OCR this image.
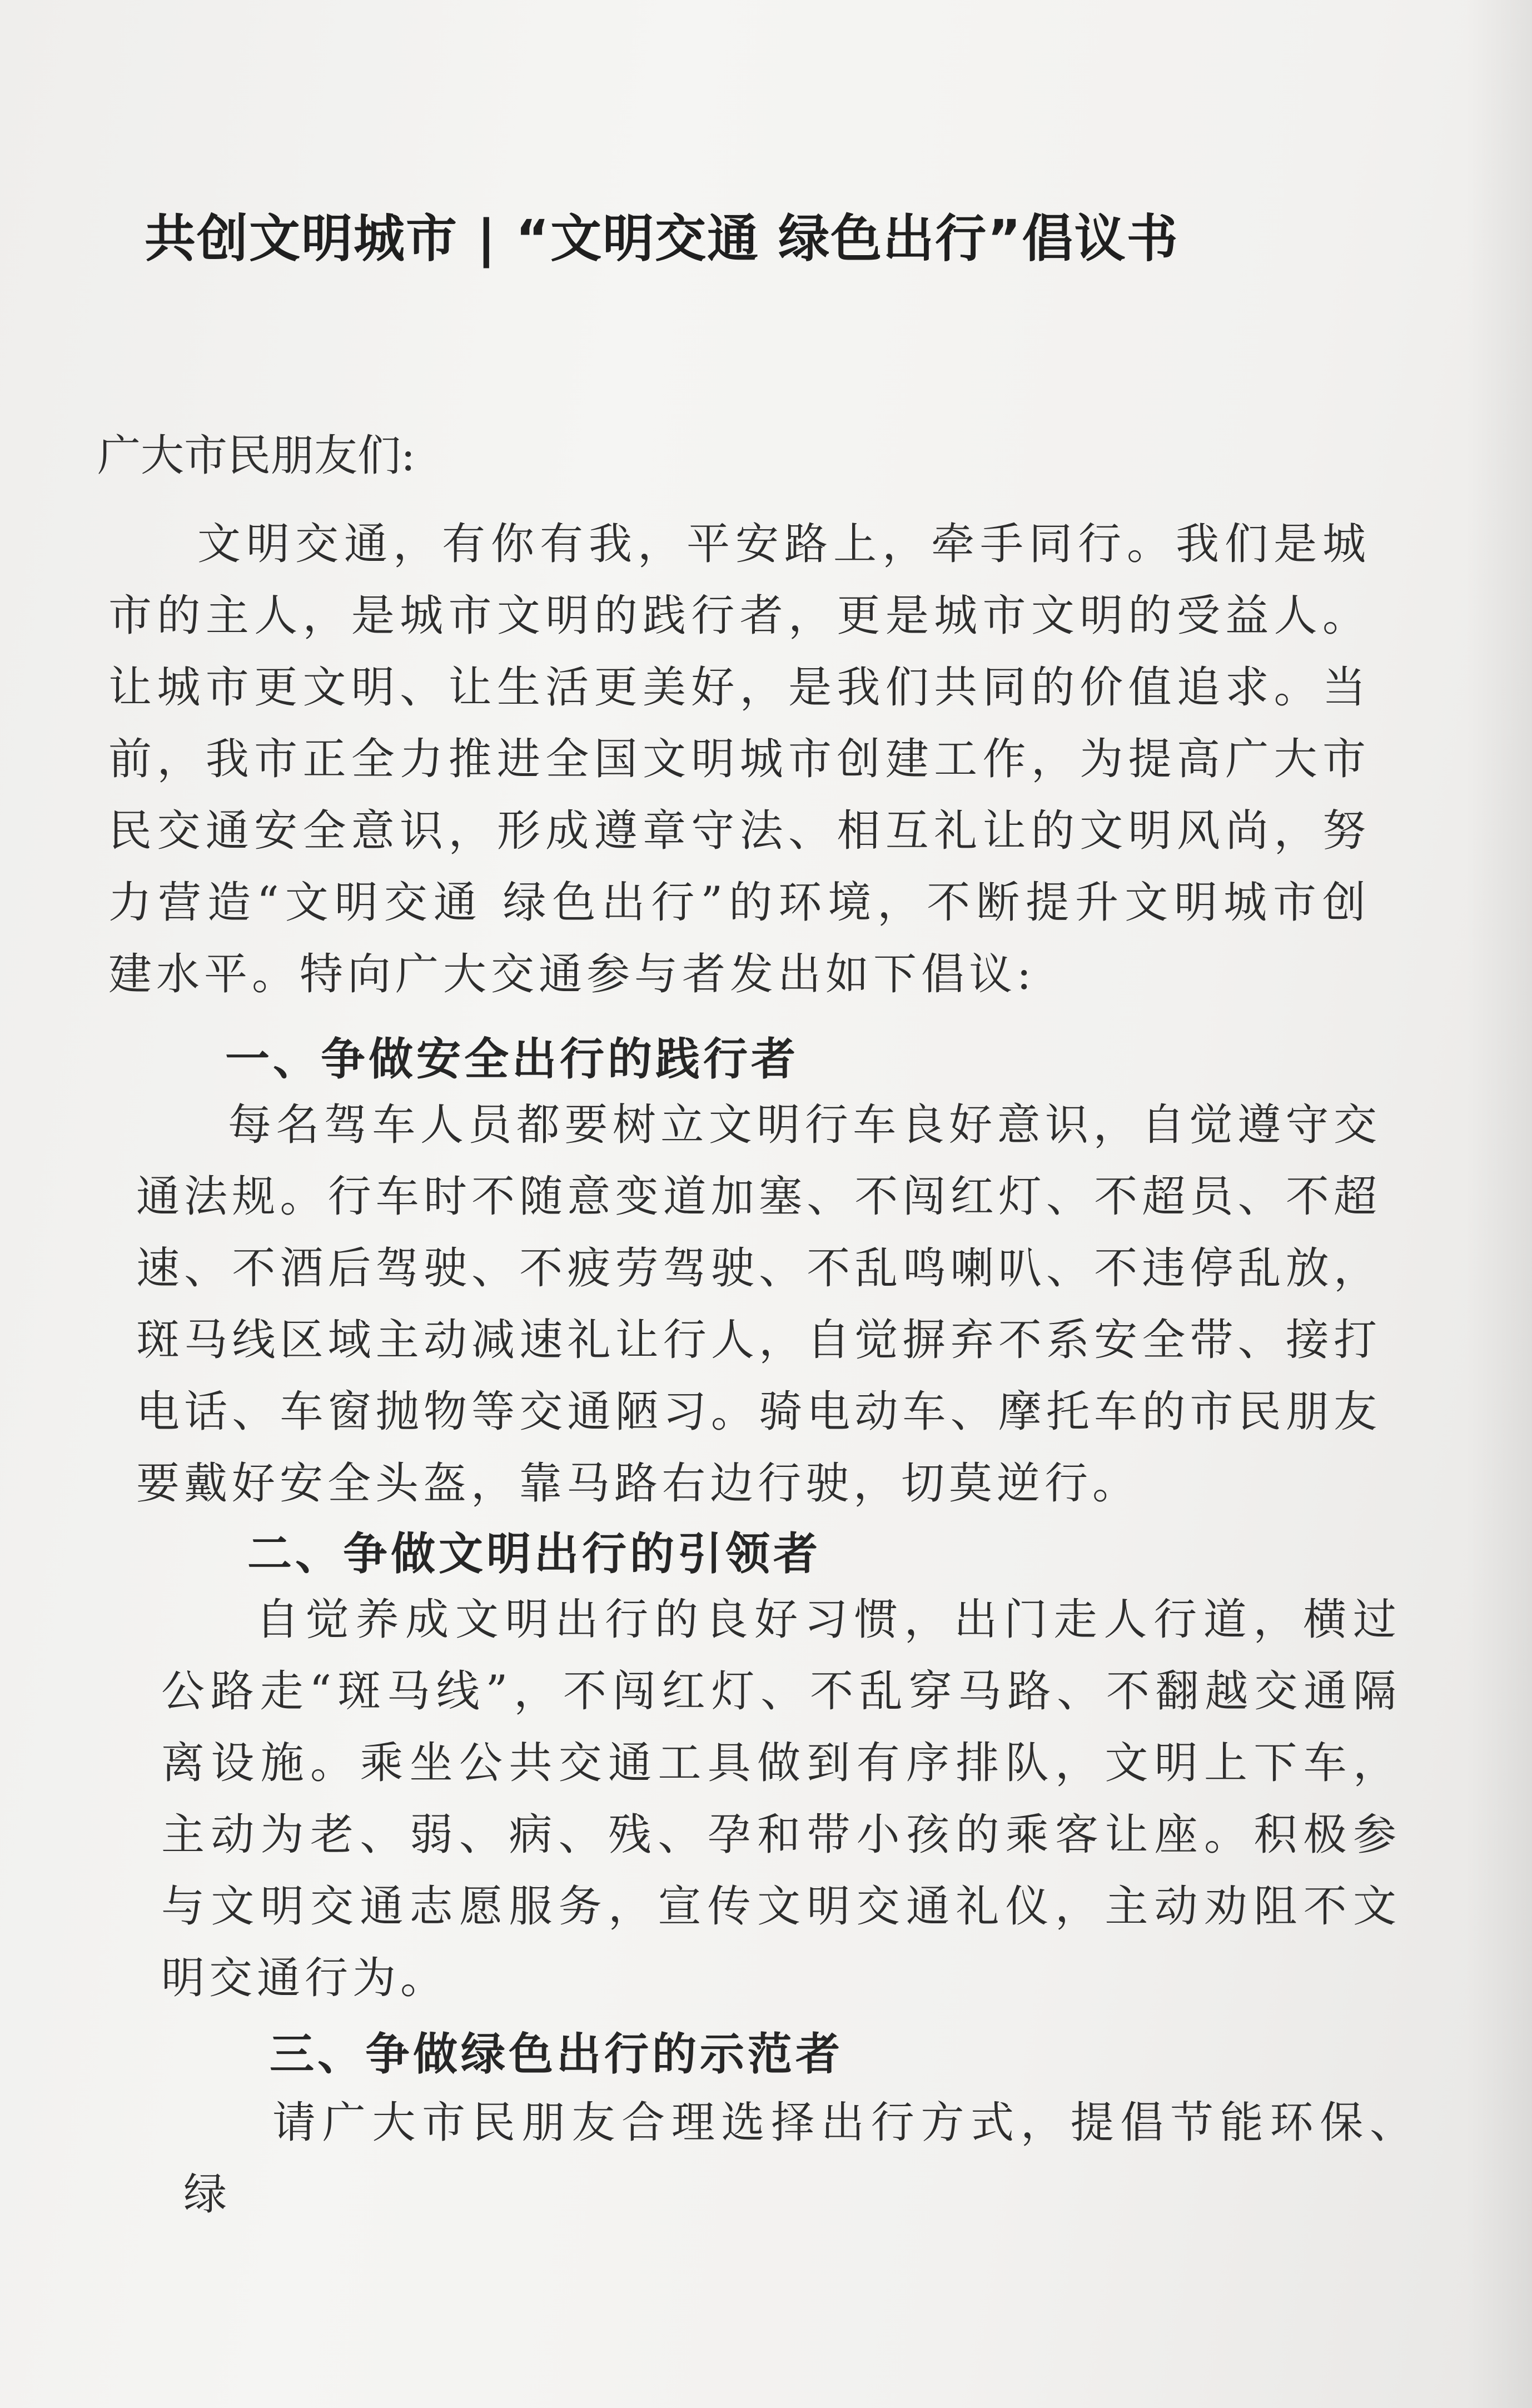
共创文明城市 | “文明交通 绿色出行”倡议书
广大市民朋友们:
文明交通，有你有我，平安路上，牵手同行。我们是城市的主人，是城市文明的践行者，更是城市文明的受益人。让城市更文明、让生活更美好，是我们共同的价值追求。当前，我市正全力推进全国文明城市创建工作，为提高广大市民交通安全意识，形成遵章守法、相互礼让的文明风尚，努力营造“文明交通 绿色出行”的环境，不断提升文明城市创建水平。特向广大交通参与者发出如下倡议:
一、争做安全出行的践行者
每名驾车人员都要树立文明行车良好意识，自觉遵守交通法规。行车时不随意变道加塞、不闯红灯、不超员、不超速、不酒后驾驶、不疲劳驾驶、不乱鸣喇叭、不违停乱放，斑马线区域主动减速礼让行人，自觉摒弃不系安全带、接打电话、车窗抛物等交通陋习。骑电动车、摩托车的市民朋友要戴好安全头盔，靠马路右边行驶，切莫逆行。
二、争做文明出行的引领者
自觉养成文明出行的良好习惯，出门走人行道，横过公路走“斑马线”，不闯红灯、不乱穿马路、不翻越交通隔离设施。乘坐公共交通工具做到有序排队，文明上下车，主动为老、弱、病、残、孕和带小孩的乘客让座。积极参与文明交通志愿服务，宣传文明交通礼仪，主动劝阻不文明交通行为。
三、争做绿色出行的示范者
请广大市民朋友合理选择出行方式，提倡节能环保、绿
